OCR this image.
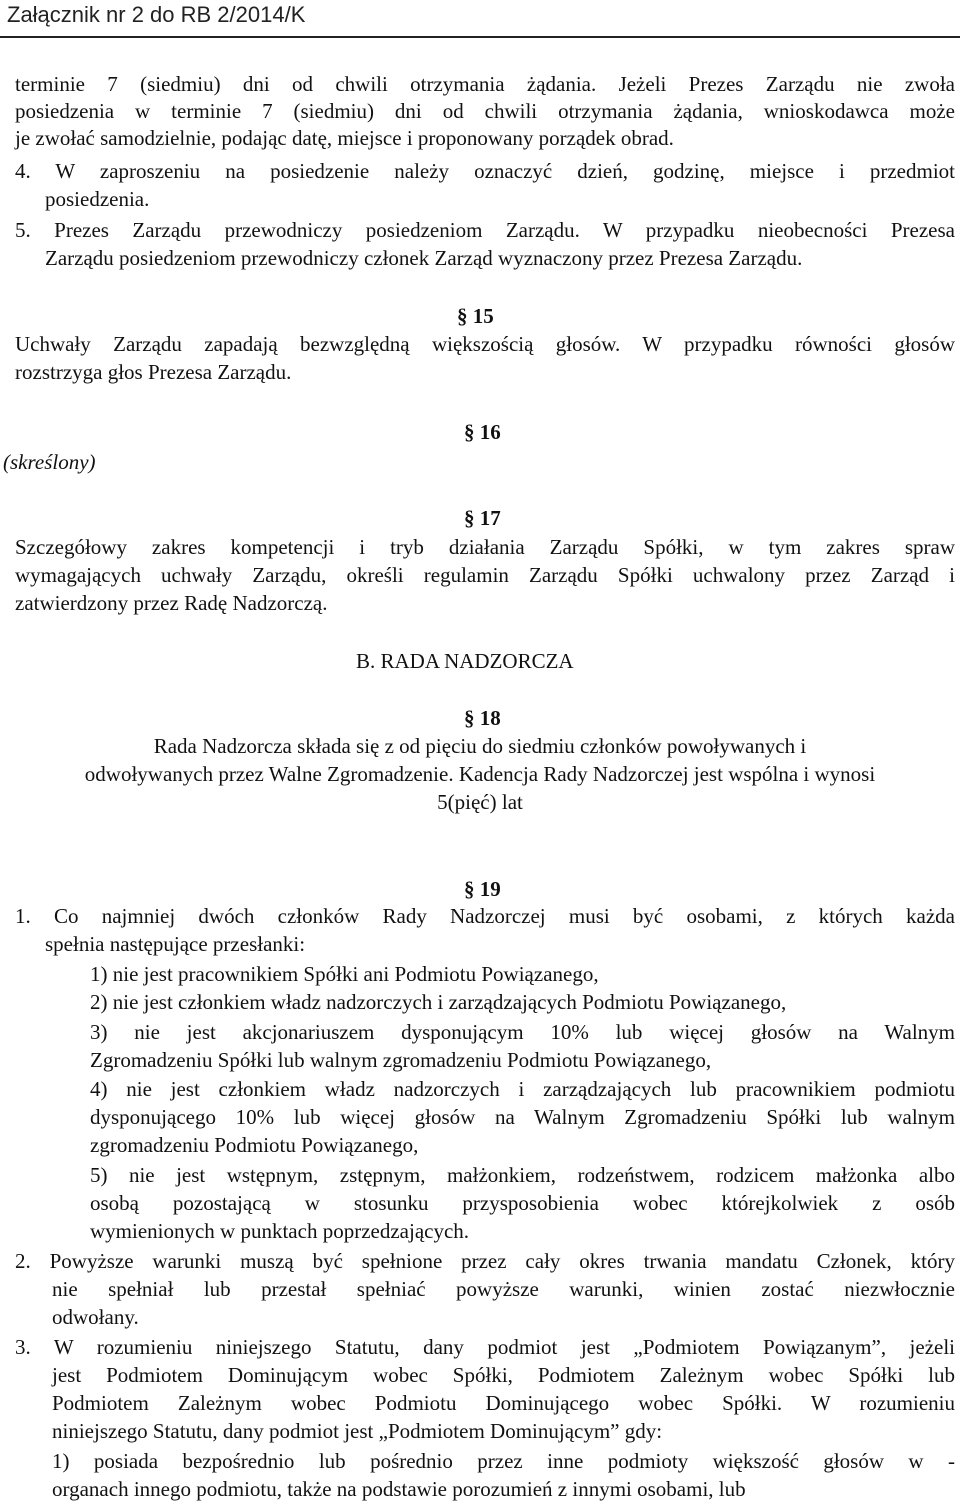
Załącznik nr 2 do RB 2/2014/K
terminie 7 (siedmiu) dni od chwili otrzymania żądania. Jeżeli Prezes Zarządu nie zwoła
posiedzenia w terminie 7 (siedmiu) dni od chwili otrzymania żądania, wnioskodawca może
je zwołać samodzielnie, podając datę, miejsce i proponowany porządek obrad.
4. W zaproszeniu na posiedzenie należy oznaczyć dzień, godzinę, miejsce i przedmiot
posiedzenia.
5. Prezes Zarządu przewodniczy posiedzeniom Zarządu. W przypadku nieobecności Prezesa
Zarządu posiedzeniom przewodniczy członek Zarząd wyznaczony przez Prezesa Zarządu.
§ 15
Uchwały Zarządu zapadają bezwzględną większością głosów. W przypadku równości głosów
rozstrzyga głos Prezesa Zarządu.
§ 16
(skreślony)
§ 17
Szczegółowy zakres kompetencji i tryb działania Zarządu Spółki, w tym zakres spraw
wymagających uchwały Zarządu, określi regulamin Zarządu Spółki uchwalony przez Zarząd i
zatwierdzony przez Radę Nadzorczą.
B. RADA NADZORCZA
§ 18
Rada Nadzorcza składa się z od pięciu do siedmiu członków powoływanych i
odwoływanych przez Walne Zgromadzenie. Kadencja Rady Nadzorczej jest wspólna i wynosi
5(pięć) lat
§ 19
1. Co najmniej dwóch członków Rady Nadzorczej musi być osobami, z których każda
spełnia następujące przesłanki:
1) nie jest pracownikiem Spółki ani Podmiotu Powiązanego,
2) nie jest członkiem władz nadzorczych i zarządzających Podmiotu Powiązanego,
3) nie jest akcjonariuszem dysponującym 10% lub więcej głosów na Walnym
Zgromadzeniu Spółki lub walnym zgromadzeniu Podmiotu Powiązanego,
4) nie jest członkiem władz nadzorczych i zarządzających lub pracownikiem podmiotu
dysponującego 10% lub więcej głosów na Walnym Zgromadzeniu Spółki lub walnym
zgromadzeniu Podmiotu Powiązanego,
5) nie jest wstępnym, zstępnym, małżonkiem, rodzeństwem, rodzicem małżonka albo
osobą pozostającą w stosunku przysposobienia wobec którejkolwiek z osób
wymienionych w punktach poprzedzających.
2. Powyższe warunki muszą być spełnione przez cały okres trwania mandatu Członek, który
nie spełniał lub przestał spełniać powyższe warunki, winien zostać niezwłocznie
odwołany.
3. W rozumieniu niniejszego Statutu, dany podmiot jest „Podmiotem Powiązanym”, jeżeli
jest Podmiotem Dominującym wobec Spółki, Podmiotem Zależnym wobec Spółki lub
Podmiotem Zależnym wobec Podmiotu Dominującego wobec Spółki. W rozumieniu
niniejszego Statutu, dany podmiot jest „Podmiotem Dominującym” gdy:
1) posiada bezpośrednio lub pośrednio przez inne podmioty większość głosów w -
organach innego podmiotu, także na podstawie porozumień z innymi osobami, lub
